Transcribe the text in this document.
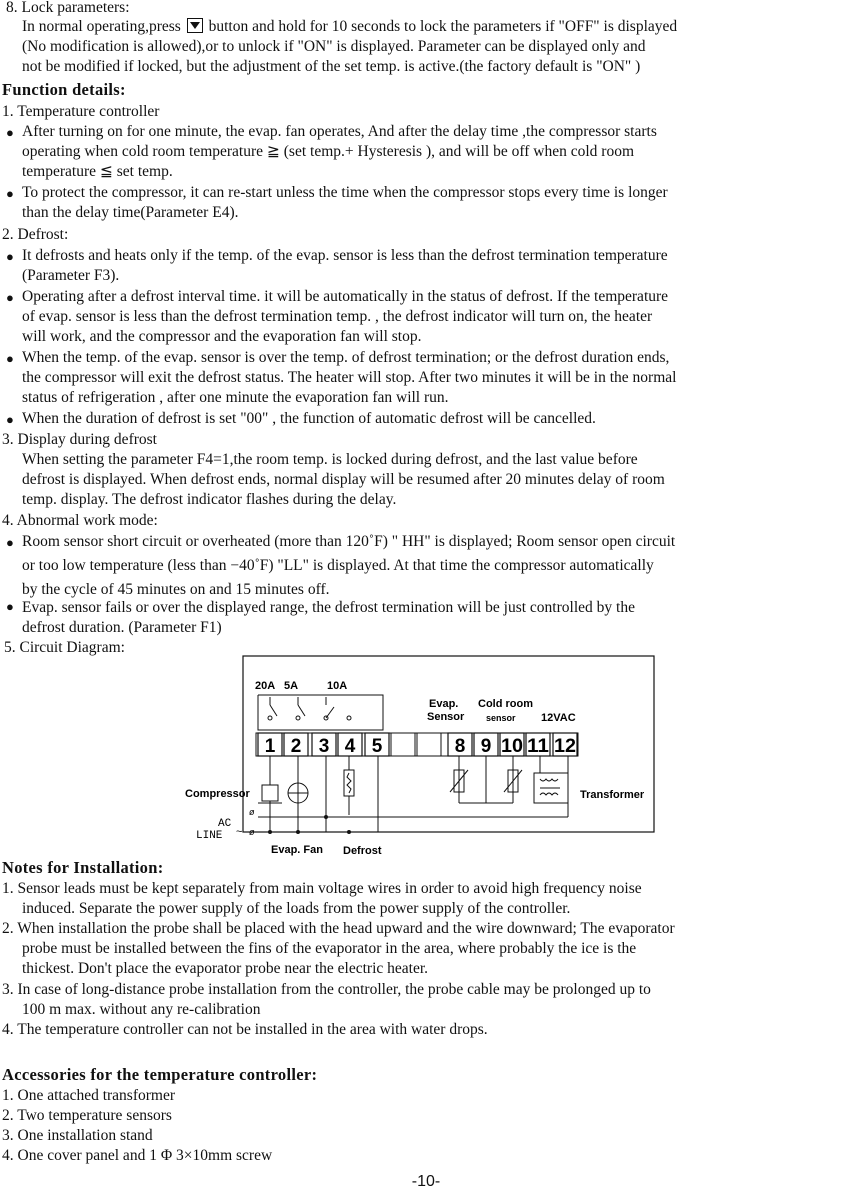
8. Lock parameters:
In normal operating,press button and hold for 10 seconds to lock the parameters if "OFF" is displayed
(No modification is allowed),or to unlock if "ON" is displayed. Parameter can be displayed only and
not be modified if locked, but the adjustment of the set temp. is active.(the factory default is "ON" )
Function details:
1. Temperature controller
● After turning on for one minute, the evap. fan operates, And after the delay time ,the compressor starts
operating when cold room temperature ≧ (set temp.+ Hysteresis ), and will be off when cold room
temperature ≦ set temp.
● To protect the compressor, it can re-start unless the time when the compressor stops every time is longer
than the delay time(Parameter E4).
2. Defrost:
● It defrosts and heats only if the temp. of the evap. sensor is less than the defrost termination temperature
(Parameter F3).
● Operating after a defrost interval time. it will be automatically in the status of defrost. If the temperature
of evap. sensor is less than the defrost termination temp. , the defrost indicator will turn on, the heater
will work, and the compressor and the evaporation fan will stop.
● When the temp. of the evap. sensor is over the temp. of defrost termination; or the defrost duration ends,
the compressor will exit the defrost status. The heater will stop. After two minutes it will be in the normal
status of refrigeration , after one minute the evaporation fan will run.
● When the duration of defrost is set "00" , the function of automatic defrost will be cancelled.
3. Display during defrost
When setting the parameter F4=1,the room temp. is locked during defrost, and the last value before
defrost is displayed. When defrost ends, normal display will be resumed after 20 minutes delay of room
temp. display. The defrost indicator flashes during the delay.
4. Abnormal work mode:
● Room sensor short circuit or overheated (more than 120˚F) " HH" is displayed; Room sensor open circuit
or too low temperature (less than −40˚F) "LL" is displayed. At that time the compressor automatically
by the cycle of 45 minutes on and 15 minutes off.
● Evap. sensor fails or over the displayed range, the defrost termination will be just controlled by the
defrost duration. (Parameter F1)
5. Circuit Diagram:
20A 5A	10A
Evap.
Sensor
Cold room
sensor 12VAC
1 2 3 4 5	8 9 10 11 12
ø
ø
Compressor	Transformer
AC
LINE ~
Evap. Fan Defrost
Notes for Installation:
1. Sensor leads must be kept separately from main voltage wires in order to avoid high frequency noise
induced. Separate the power supply of the loads from the power supply of the controller.
2. When installation the probe shall be placed with the head upward and the wire downward; The evaporator
probe must be installed between the fins of the evaporator in the area, where probably the ice is the
thickest. Don't place the evaporator probe near the electric heater.
3. In case of long-distance probe installation from the controller, the probe cable may be prolonged up to
100 m max. without any re-calibration
4. The temperature controller can not be installed in the area with water drops.
Accessories for the temperature controller:
1. One attached transformer
2. Two temperature sensors
3. One installation stand
4. One cover panel and 1 Φ 3×10mm screw
-10-
